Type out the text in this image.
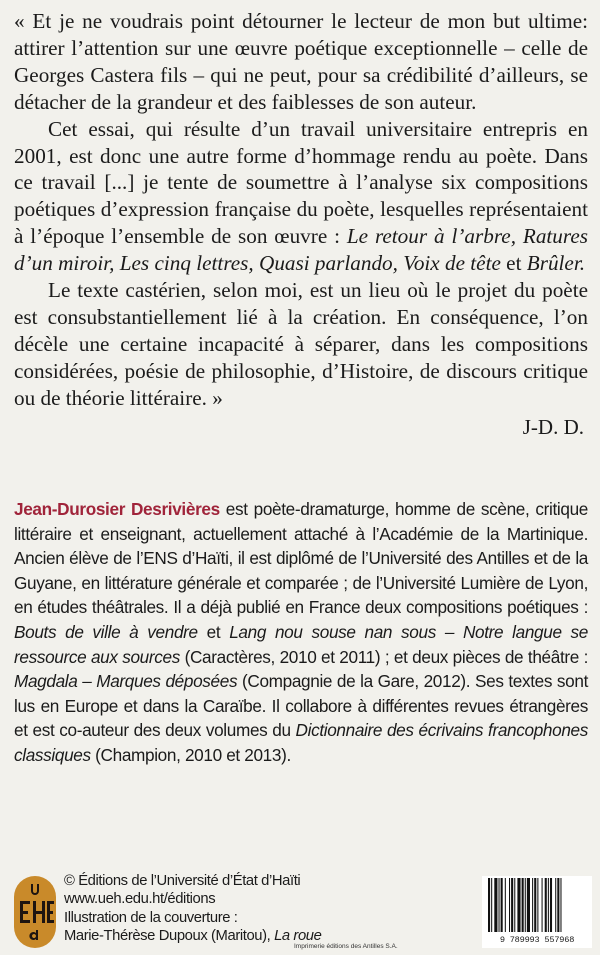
« Et je ne voudrais point détourner le lecteur de mon but ultime: attirer l’attention sur une œuvre poétique exceptionnelle – celle de Georges Castera fils – qui ne peut, pour sa crédibilité d’ailleurs, se détacher de la grandeur et des faiblesses de son auteur.

Cet essai, qui résulte d’un travail universitaire entrepris en 2001, est donc une autre forme d’hommage rendu au poète. Dans ce travail [...] je tente de soumettre à l’analyse six compositions poétiques d’expression française du poète, lesquelles représentaient à l’époque l’ensemble de son œuvre : Le retour à l’arbre, Ratures d’un miroir, Les cinq lettres, Quasi parlando, Voix de tête et Brûler.

Le texte castérien, selon moi, est un lieu où le projet du poète est consubstantiellement lié à la création. En conséquence, l’on décèle une certaine incapacité à séparer, dans les compositions considérées, poésie de philosophie, d’Histoire, de discours critique ou de théorie littéraire. »

J-D. D.
Jean-Durosier Desrivières est poète-dramaturge, homme de scène, critique littéraire et enseignant, actuellement attaché à l’Académie de la Martinique. Ancien élève de l’ENS d’Haïti, il est diplômé de l’Université des Antilles et de la Guyane, en littérature générale et comparée ; de l’Université Lumière de Lyon, en études théâtrales. Il a déjà publié en France deux compositions poétiques : Bouts de ville à vendre et Lang nou souse nan sous – Notre langue se ressource aux sources (Caractères, 2010 et 2011) ; et deux pièces de théâtre : Magdala – Marques déposées (Compagnie de la Gare, 2012). Ses textes sont lus en Europe et dans la Caraïbe. Il collabore à différentes revues étrangères et est co-auteur des deux volumes du Dictionnaire des écrivains francophones classiques (Champion, 2010 et 2013).
© Éditions de l’Université d’État d’Haïti
www.ueh.edu.ht/éditions
Illustration de la couverture :
Marie-Thérèse Dupoux (Maritou), La roue
Imprimerie éditions des Antilles S.A.
9 789993 557968
